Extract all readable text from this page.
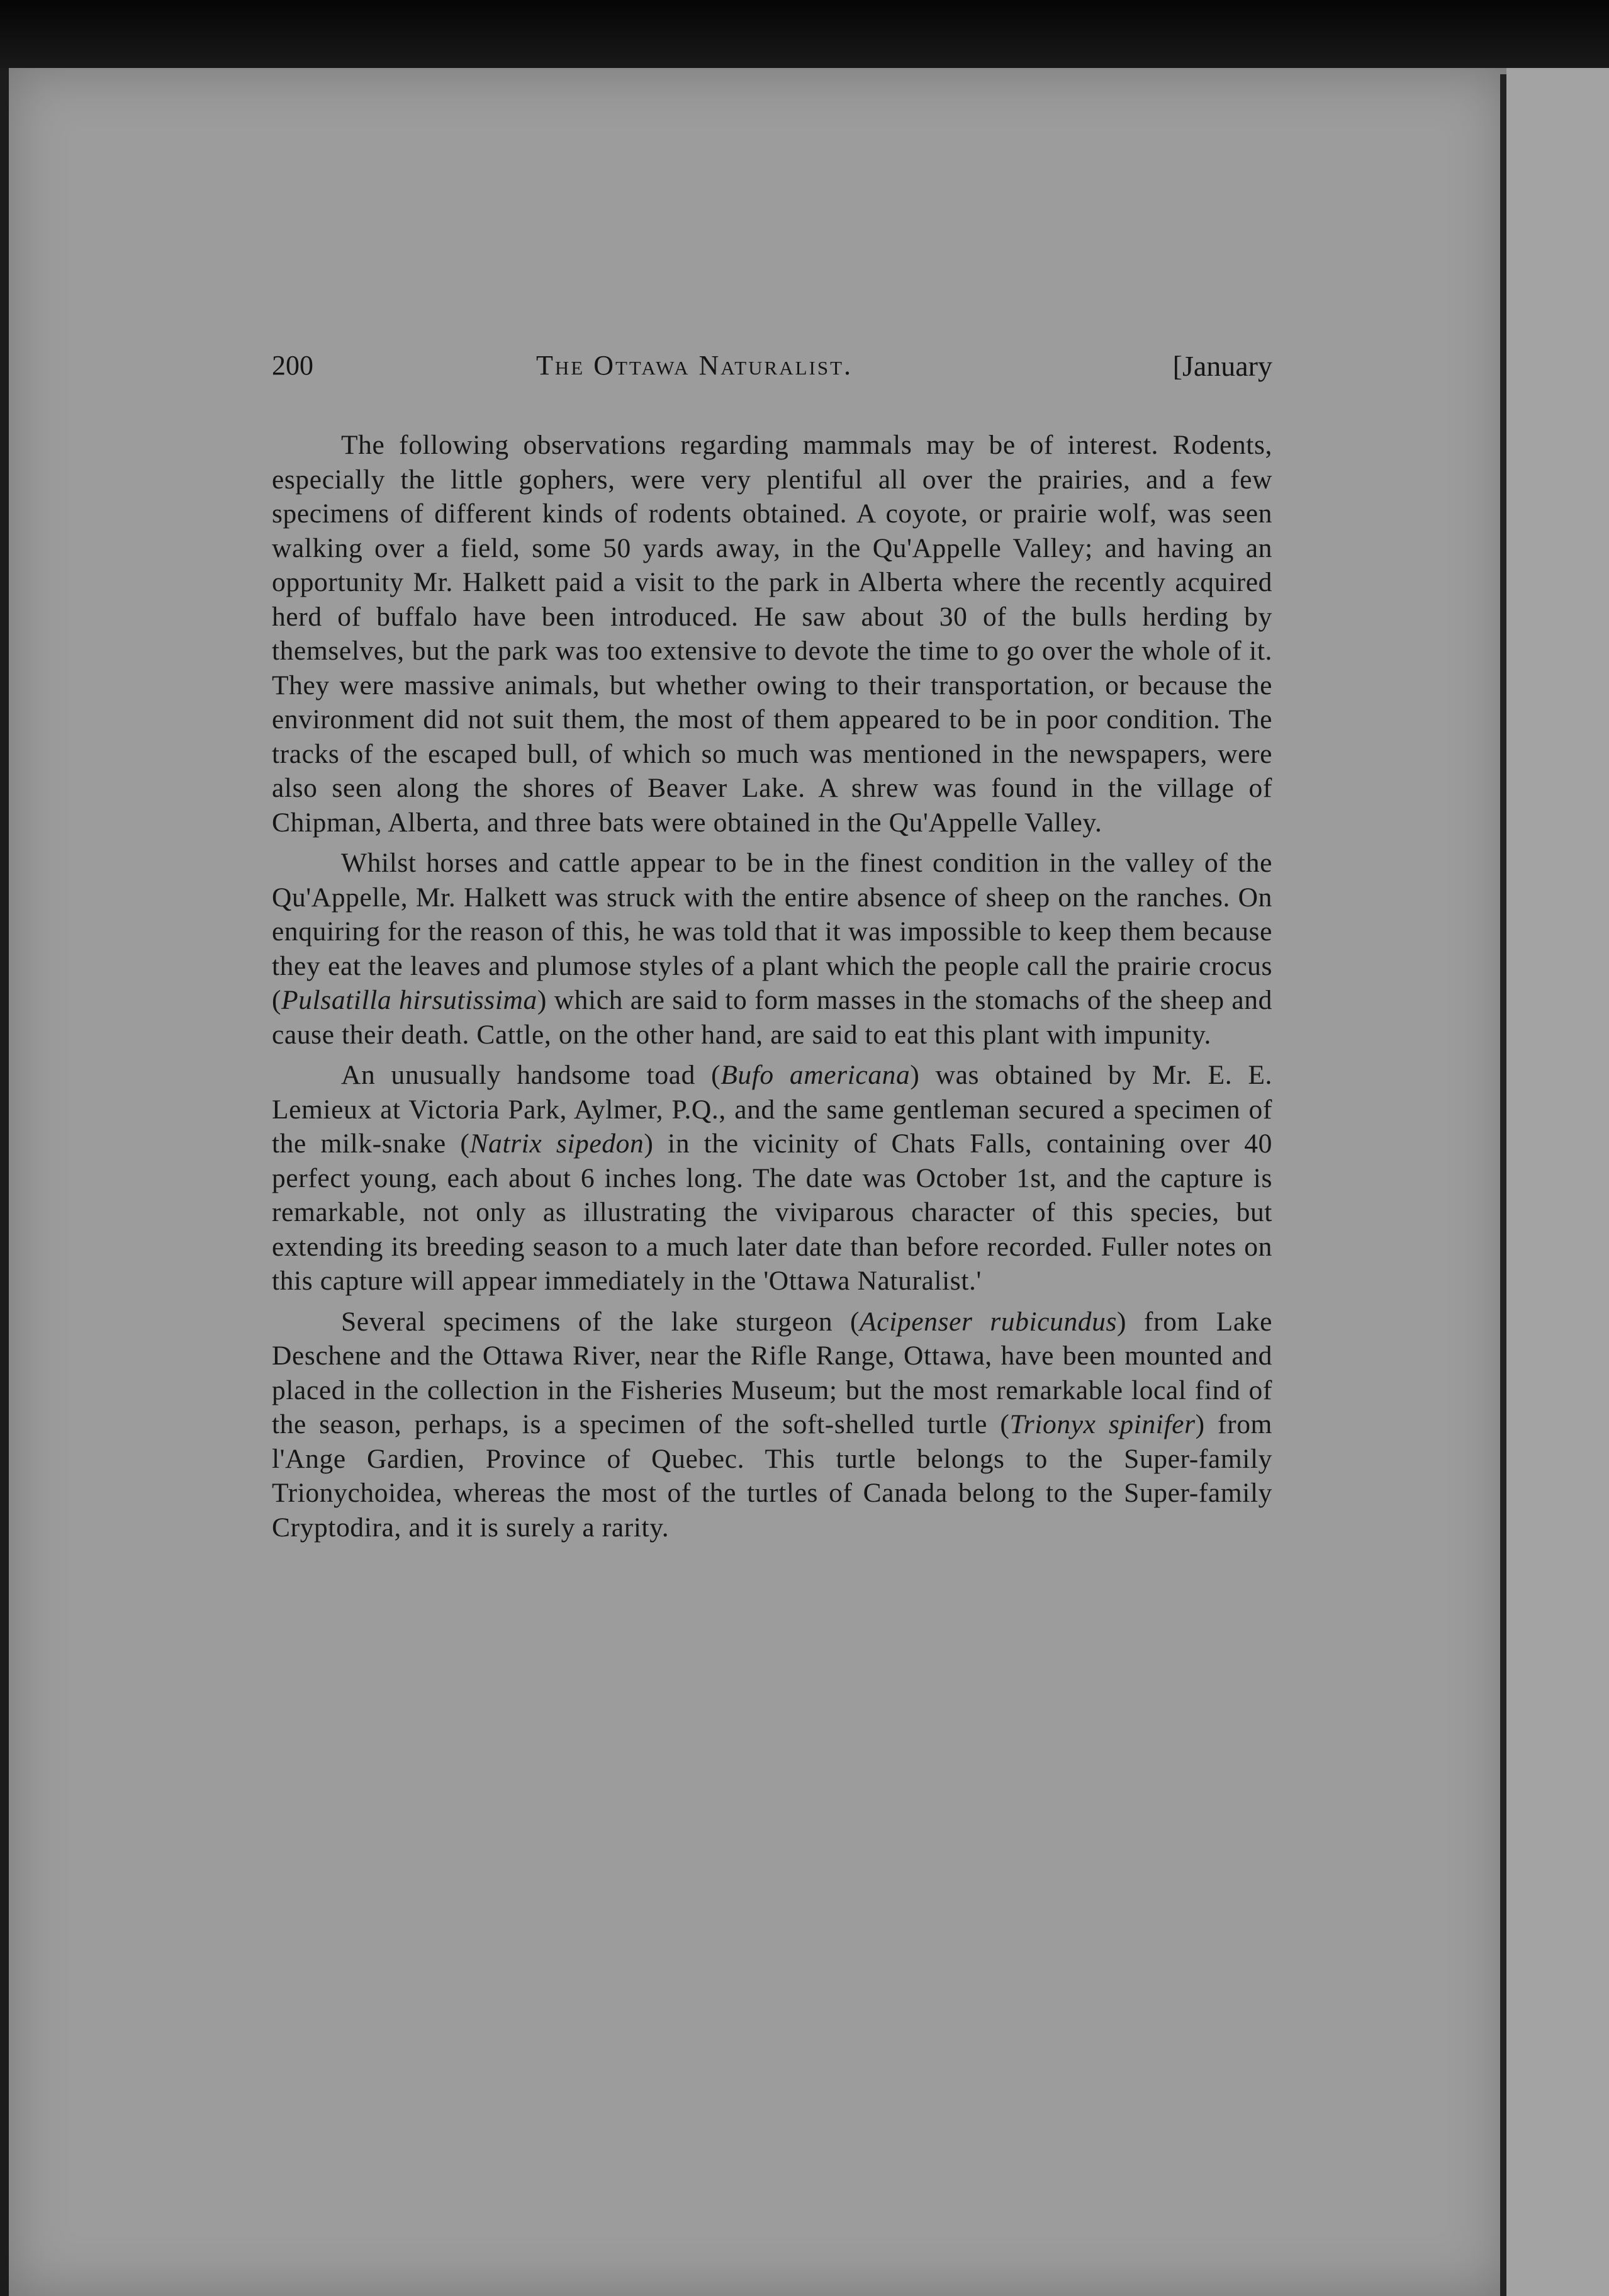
200	The Ottawa Naturalist.	[January

The following observations regarding mammals may be of interest. Rodents, especially the little gophers, were very plentiful all over the prairies, and a few specimens of different kinds of rodents obtained. A coyote, or prairie wolf, was seen walking over a field, some 50 yards away, in the Qu'Appelle Valley; and having an opportunity Mr. Halkett paid a visit to the park in Alberta where the recently acquired herd of buffalo have been introduced. He saw about 30 of the bulls herding by themselves, but the park was too extensive to devote the time to go over the whole of it. They were massive animals, but whether owing to their transportation, or because the environment did not suit them, the most of them appeared to be in poor condition. The tracks of the escaped bull, of which so much was mentioned in the newspapers, were also seen along the shores of Beaver Lake. A shrew was found in the village of Chipman, Alberta, and three bats were obtained in the Qu'Appelle Valley.

Whilst horses and cattle appear to be in the finest condition in the valley of the Qu'Appelle, Mr. Halkett was struck with the entire absence of sheep on the ranches. On enquiring for the reason of this, he was told that it was impossible to keep them because they eat the leaves and plumose styles of a plant which the people call the prairie crocus (Pulsatilla hirsutissima) which are said to form masses in the stomachs of the sheep and cause their death. Cattle, on the other hand, are said to eat this plant with impunity.

An unusually handsome toad (Bufo americana) was obtained by Mr. E. E. Lemieux at Victoria Park, Aylmer, P.Q., and the same gentleman secured a specimen of the milk-snake (Natrix sipedon) in the vicinity of Chats Falls, containing over 40 perfect young, each about 6 inches long. The date was October 1st, and the capture is remarkable, not only as illustrating the viviparous character of this species, but extending its breeding season to a much later date than before recorded. Fuller notes on this capture will appear immediately in the 'Ottawa Naturalist.'

Several specimens of the lake sturgeon (Acipenser rubicundus) from Lake Deschene and the Ottawa River, near the Rifle Range, Ottawa, have been mounted and placed in the collection in the Fisheries Museum; but the most remarkable local find of the season, perhaps, is a specimen of the soft-shelled turtle (Trionyx spinifer) from l'Ange Gardien, Province of Quebec. This turtle belongs to the Super-family Trionychoidea, whereas the most of the turtles of Canada belong to the Super-family Cryptodira, and it is surely a rarity.
